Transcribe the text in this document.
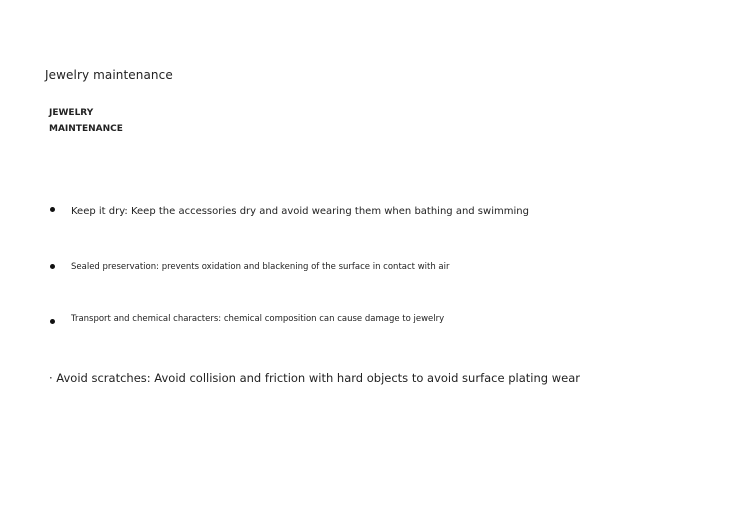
Jewelry maintenance
JEWELRY
MAINTENANCE
Keep it dry: Keep the accessories dry and avoid wearing them when bathing and swimming
Sealed preservation: prevents oxidation and blackening of the surface in contact with air
Transport and chemical characters: chemical composition can cause damage to jewelry
· Avoid scratches: Avoid collision and friction with hard objects to avoid surface plating wear
